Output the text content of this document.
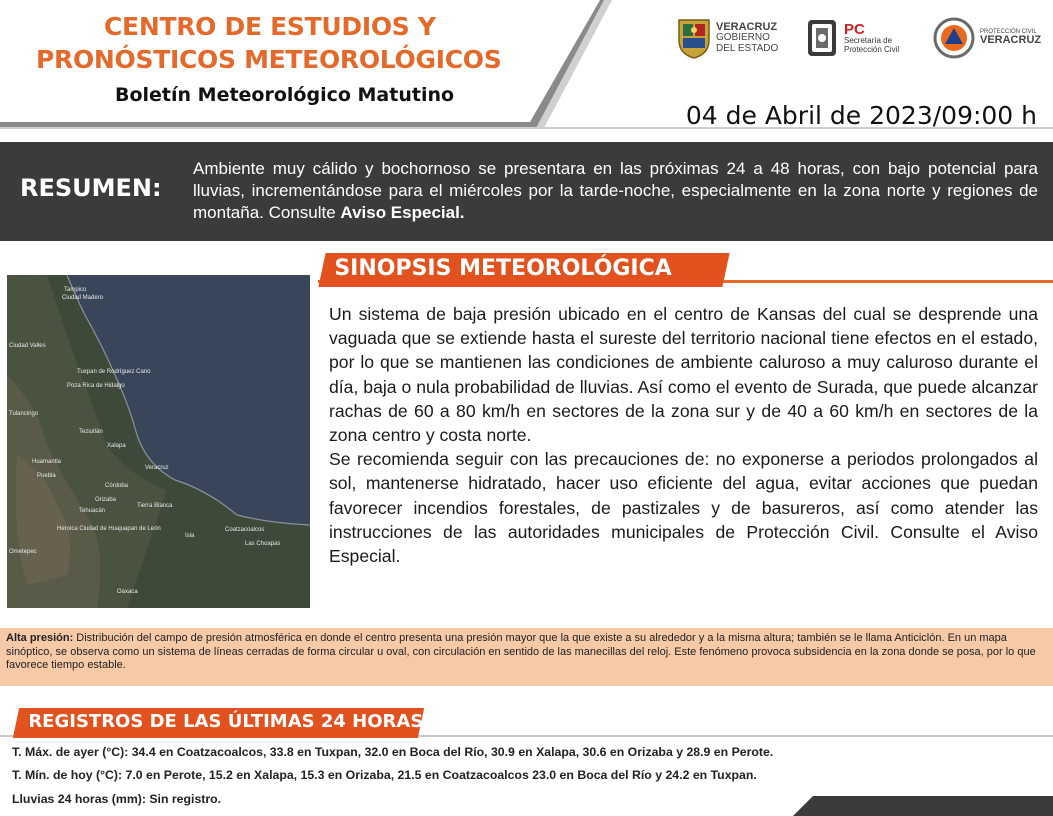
CENTRO DE ESTUDIOS Y
PRONÓSTICOS METEOROLÓGICOS
Boletín Meteorológico Matutino
04 de Abril de 2023/09:00 h
VERACRUZ
GOBIERNO
DEL ESTADO
PC
Secretaría de
Protección Civil
PROTECCIÓN CIVIL
VERACRUZ
RESUMEN:
Ambiente muy cálido y bochornoso se presentara en las próximas 24 a 48 horas, con bajo potencial para lluvias, incrementándose para el miércoles por la tarde-noche, especialmente en la zona norte y regiones de montaña. Consulte Aviso Especial.
SINOPSIS METEOROLÓGICA
Tampico
Ciudad Madero
Ciudad Valles
Tuxpan de Rodríguez Cano
Poza Rica de Hidalgo
Tulancingo
Teziutlán
Xalapa
Veracruz
Huamantla
Puebla
Córdoba
Orizaba
Tehuacán
Tierra Blanca
Heroica Ciudad de Huajuapan de León
Isla
Coatzacoalcos
Las Choapas
Oaxaca
Ometepec

Un sistema de baja presión ubicado en el centro de Kansas del cual se desprende una vaguada que se extiende hasta el sureste del territorio nacional tiene efectos en el estado, por lo que se mantienen las condiciones de ambiente caluroso a muy caluroso durante el día, baja o nula probabilidad de lluvias. Así como el evento de Surada, que puede alcanzar rachas de 60 a 80 km/h en sectores de la zona sur y de 40 a 60 km/h en sectores de la zona centro y costa norte.

Se recomienda seguir con las precauciones de: no exponerse a periodos prolongados al sol, mantenerse hidratado, hacer uso eficiente del agua, evitar acciones que puedan favorecer incendios forestales, de pastizales y de basureros, así como atender las instrucciones de las autoridades municipales de Protección Civil. Consulte el Aviso Especial.

Alta presión: Distribución del campo de presión atmosférica en donde el centro presenta una presión mayor que la que existe a su alrededor y a la misma altura; también se le llama Anticiclón. En un mapa sinóptico, se observa como un sistema de líneas cerradas de forma circular u oval, con circulación en sentido de las manecillas del reloj. Este fenómeno provoca subsidencia en la zona donde se posa, por lo que favorece tiempo estable.
REGISTROS DE LAS ÚLTIMAS 24 HORAS
T. Máx. de ayer (°C): 34.4 en Coatzacoalcos, 33.8 en Tuxpan, 32.0 en Boca del Río, 30.9 en Xalapa, 30.6 en Orizaba y 28.9 en Perote.
T. Mín. de hoy (°C): 7.0 en Perote, 15.2 en Xalapa, 15.3 en Orizaba, 21.5 en Coatzacoalcos 23.0 en Boca del Río y 24.2 en Tuxpan.
Lluvias 24 horas (mm): Sin registro.
